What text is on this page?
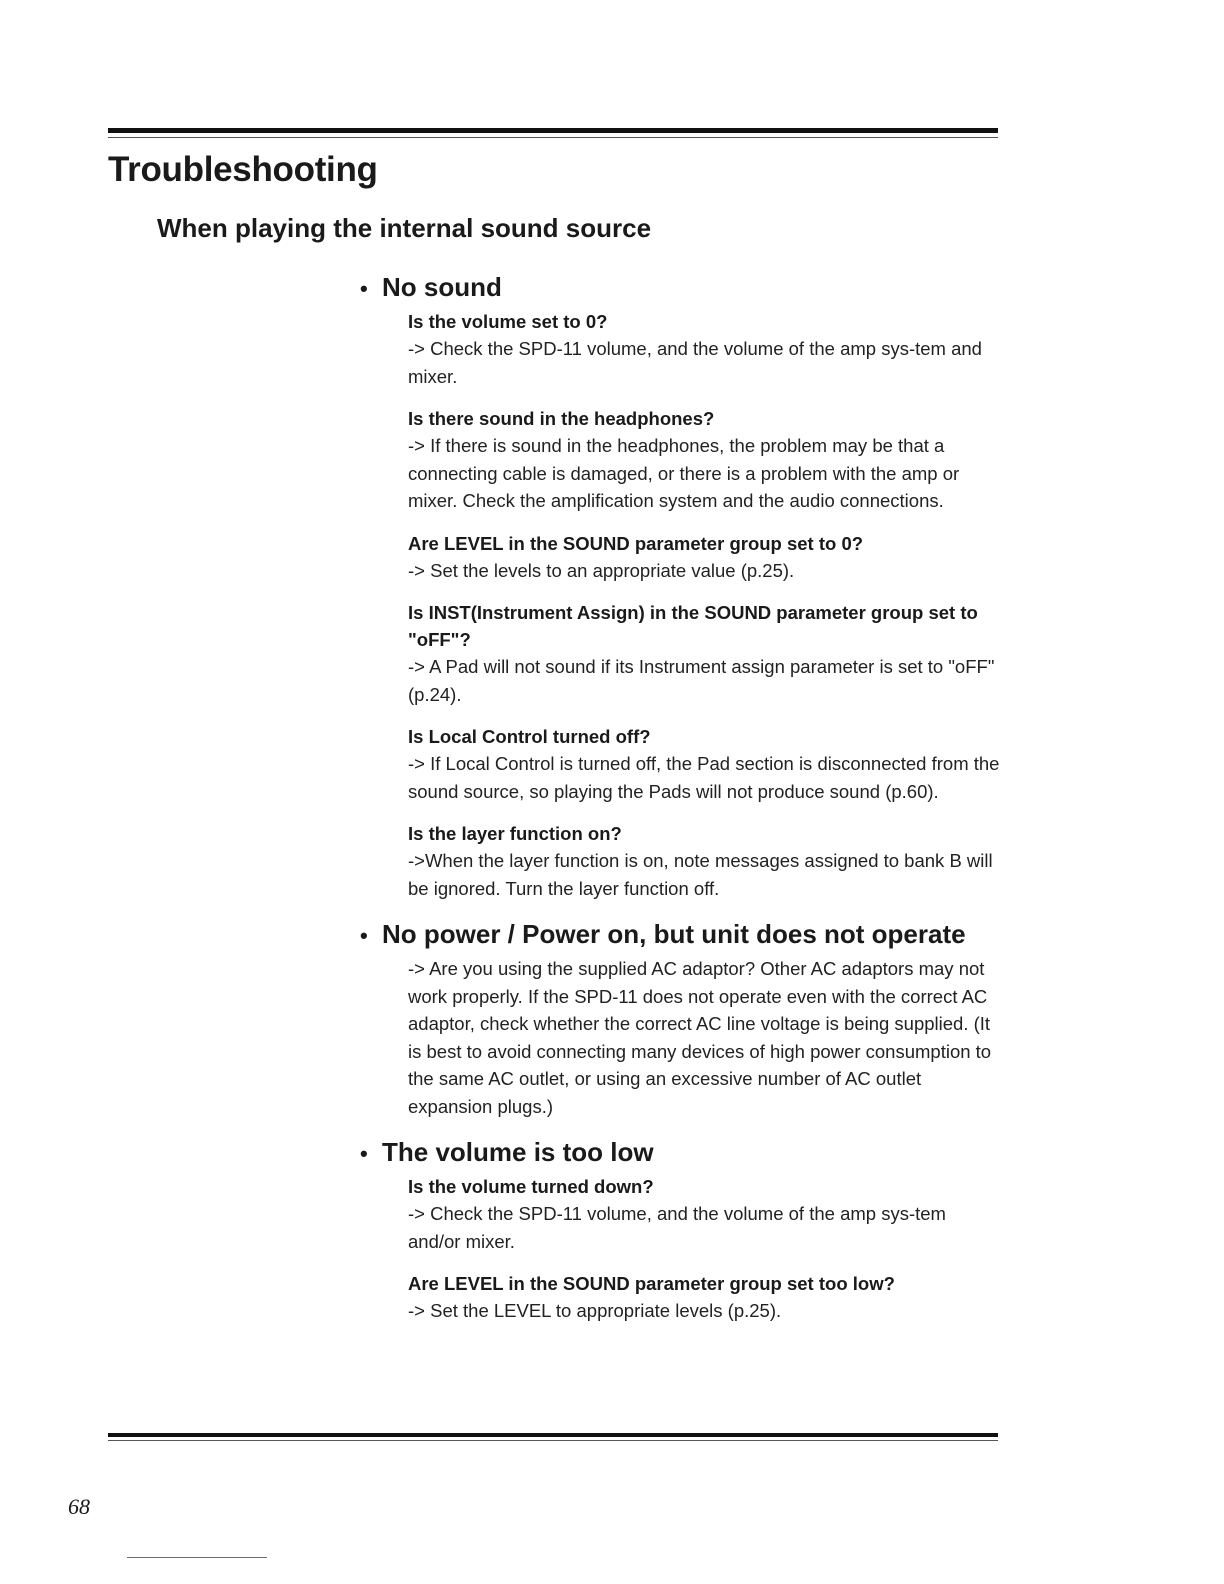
Troubleshooting
When playing the internal sound source
• No sound

Is the volume set to 0?

-> Check the SPD-11 volume, and the volume of the amp sys-tem and mixer.

Is there sound in the headphones?

-> If there is sound in the headphones, the problem may be that a connecting cable is damaged, or there is a problem with the amp or mixer. Check the amplification system and the audio connections.

Are LEVEL in the SOUND parameter group set to 0?

-> Set the levels to an appropriate value (p.25).

Is INST(Instrument Assign) in the SOUND parameter group set to "oFF"?

-> A Pad will not sound if its Instrument assign parameter is set to "oFF" (p.24).

Is Local Control turned off?

-> If Local Control is turned off, the Pad section is disconnected from the sound source, so playing the Pads will not produce sound (p.60).

Is the layer function on?

->When the layer function is on, note messages assigned to bank B will be ignored. Turn the layer function off.

• No power / Power on, but unit does not operate

-> Are you using the supplied AC adaptor? Other AC adaptors may not work properly. If the SPD-11 does not operate even with the correct AC adaptor, check whether the correct AC line voltage is being supplied. (It is best to avoid connecting many devices of high power consumption to the same AC outlet, or using an excessive number of AC outlet expansion plugs.)

• The volume is too low

Is the volume turned down?

-> Check the SPD-11 volume, and the volume of the amp sys-tem and/or mixer.

Are LEVEL in the SOUND parameter group set too low?

-> Set the LEVEL to appropriate levels (p.25).

68
